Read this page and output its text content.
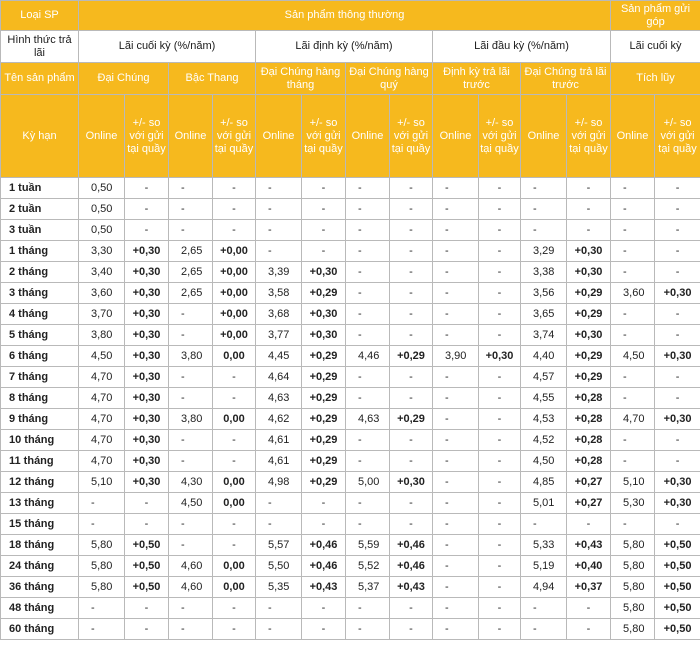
Loại SP	Sản phẩm thông thường												Sản phẩm gửi góp	
Hình thức trả lãi	Lãi cuối kỳ (%/năm)				Lãi định kỳ (%/năm)				Lãi đầu kỳ (%/năm)				Lãi cuối kỳ	
Tên sản phẩm	Đại Chúng		Bậc Thang		Đại Chúng hàng tháng		Đại Chúng hàng quý		Định kỳ trả lãi trước		Đại Chúng trả lãi trước		Tích lũy	
Kỳ hạn	Online	+/- so với gửi tại quầy	Online	+/- so với gửi tại quầy	Online	+/- so với gửi tại quầy	Online	+/- so với gửi tại quầy	Online	+/- so với gửi tại quầy	Online	+/- so với gửi tại quầy	Online	+/- so với gửi tại quầy
1 tuần	0,50	-	-	-	-	-	-	-	-	-	-	-	-	-
2 tuần	0,50	-	-	-	-	-	-	-	-	-	-	-	-	-
3 tuần	0,50	-	-	-	-	-	-	-	-	-	-	-	-	-
1 tháng	3,30	+0,30	2,65	+0,00	-	-	-	-	-	-	3,29	+0,30	-	-
2 tháng	3,40	+0,30	2,65	+0,00	3,39	+0,30	-	-	-	-	3,38	+0,30	-	-
3 tháng	3,60	+0,30	2,65	+0,00	3,58	+0,29	-	-	-	-	3,56	+0,29	3,60	+0,30
4 tháng	3,70	+0,30	-	+0,00	3,68	+0,30	-	-	-	-	3,65	+0,29	-	-
5 tháng	3,80	+0,30	-	+0,00	3,77	+0,30	-	-	-	-	3,74	+0,30	-	-
6 tháng	4,50	+0,30	3,80	0,00	4,45	+0,29	4,46	+0,29	3,90	+0,30	4,40	+0,29	4,50	+0,30
7 tháng	4,70	+0,30	-	-	4,64	+0,29	-	-	-	-	4,57	+0,29	-	-
8 tháng	4,70	+0,30	-	-	4,63	+0,29	-	-	-	-	4,55	+0,28	-	-
9 tháng	4,70	+0,30	3,80	0,00	4,62	+0,29	4,63	+0,29	-	-	4,53	+0,28	4,70	+0,30
10 tháng	4,70	+0,30	-	-	4,61	+0,29	-	-	-	-	4,52	+0,28	-	-
11 tháng	4,70	+0,30	-	-	4,61	+0,29	-	-	-	-	4,50	+0,28	-	-
12 tháng	5,10	+0,30	4,30	0,00	4,98	+0,29	5,00	+0,30	-	-	4,85	+0,27	5,10	+0,30
13 tháng	-	-	4,50	0,00	-	-	-	-	-	-	5,01	+0,27	5,30	+0,30
15 tháng	-	-	-	-	-	-	-	-	-	-	-	-	-	-
18 tháng	5,80	+0,50	-	-	5,57	+0,46	5,59	+0,46	-	-	5,33	+0,43	5,80	+0,50
24 tháng	5,80	+0,50	4,60	0,00	5,50	+0,46	5,52	+0,46	-	-	5,19	+0,40	5,80	+0,50
36 tháng	5,80	+0,50	4,60	0,00	5,35	+0,43	5,37	+0,43	-	-	4,94	+0,37	5,80	+0,50
48 tháng	-	-	-	-	-	-	-	-	-	-	-	-	5,80	+0,50
60 tháng	-	-	-	-	-	-	-	-	-	-	-	-	5,80	+0,50
